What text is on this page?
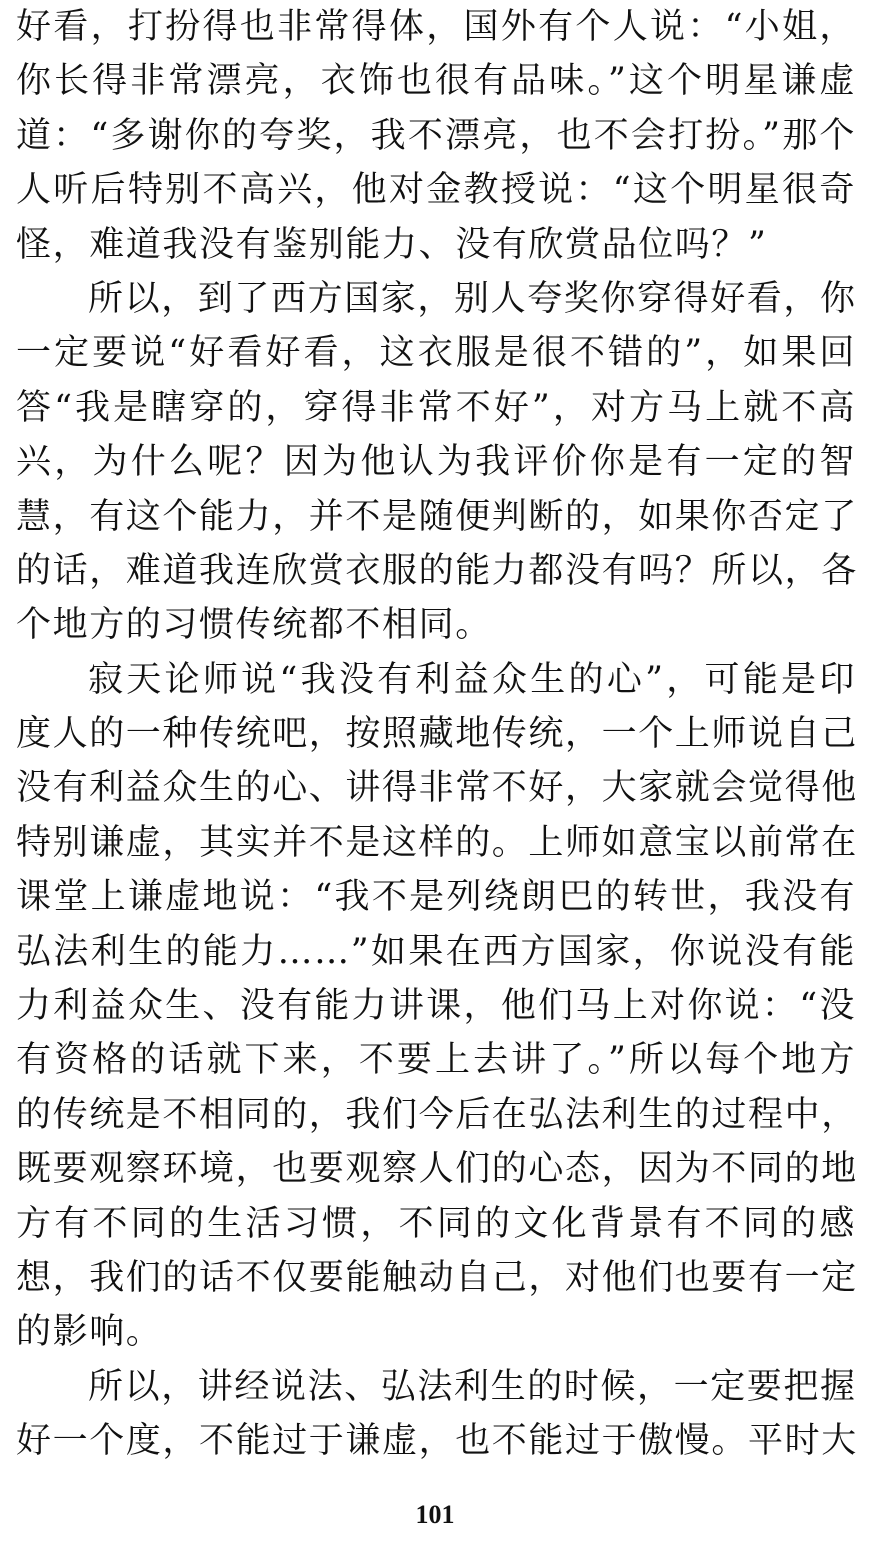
好看，打扮得也非常得体，国外有个人说：“小姐，
你长得非常漂亮，衣饰也很有品味。”这个明星谦虚
道：“多谢你的夸奖，我不漂亮，也不会打扮。”那个
人听后特别不高兴，他对金教授说：“这个明星很奇
怪，难道我没有鉴别能力、没有欣赏品位吗？”
所以，到了西方国家，别人夸奖你穿得好看，你
一定要说“好看好看，这衣服是很不错的”，如果回
答“我是瞎穿的，穿得非常不好”，对方马上就不高
兴，为什么呢？因为他认为我评价你是有一定的智
慧，有这个能力，并不是随便判断的，如果你否定了
的话，难道我连欣赏衣服的能力都没有吗？所以，各
个地方的习惯传统都不相同。
寂天论师说“我没有利益众生的心”，可能是印
度人的一种传统吧，按照藏地传统，一个上师说自己
没有利益众生的心、讲得非常不好，大家就会觉得他
特别谦虚，其实并不是这样的。上师如意宝以前常在
课堂上谦虚地说：“我不是列绕朗巴的转世，我没有
弘法利生的能力……”如果在西方国家，你说没有能
力利益众生、没有能力讲课，他们马上对你说：“没
有资格的话就下来，不要上去讲了。”所以每个地方
的传统是不相同的，我们今后在弘法利生的过程中，
既要观察环境，也要观察人们的心态，因为不同的地
方有不同的生活习惯，不同的文化背景有不同的感
想，我们的话不仅要能触动自己，对他们也要有一定
的影响。
所以，讲经说法、弘法利生的时候，一定要把握
好一个度，不能过于谦虚，也不能过于傲慢。平时大
101
